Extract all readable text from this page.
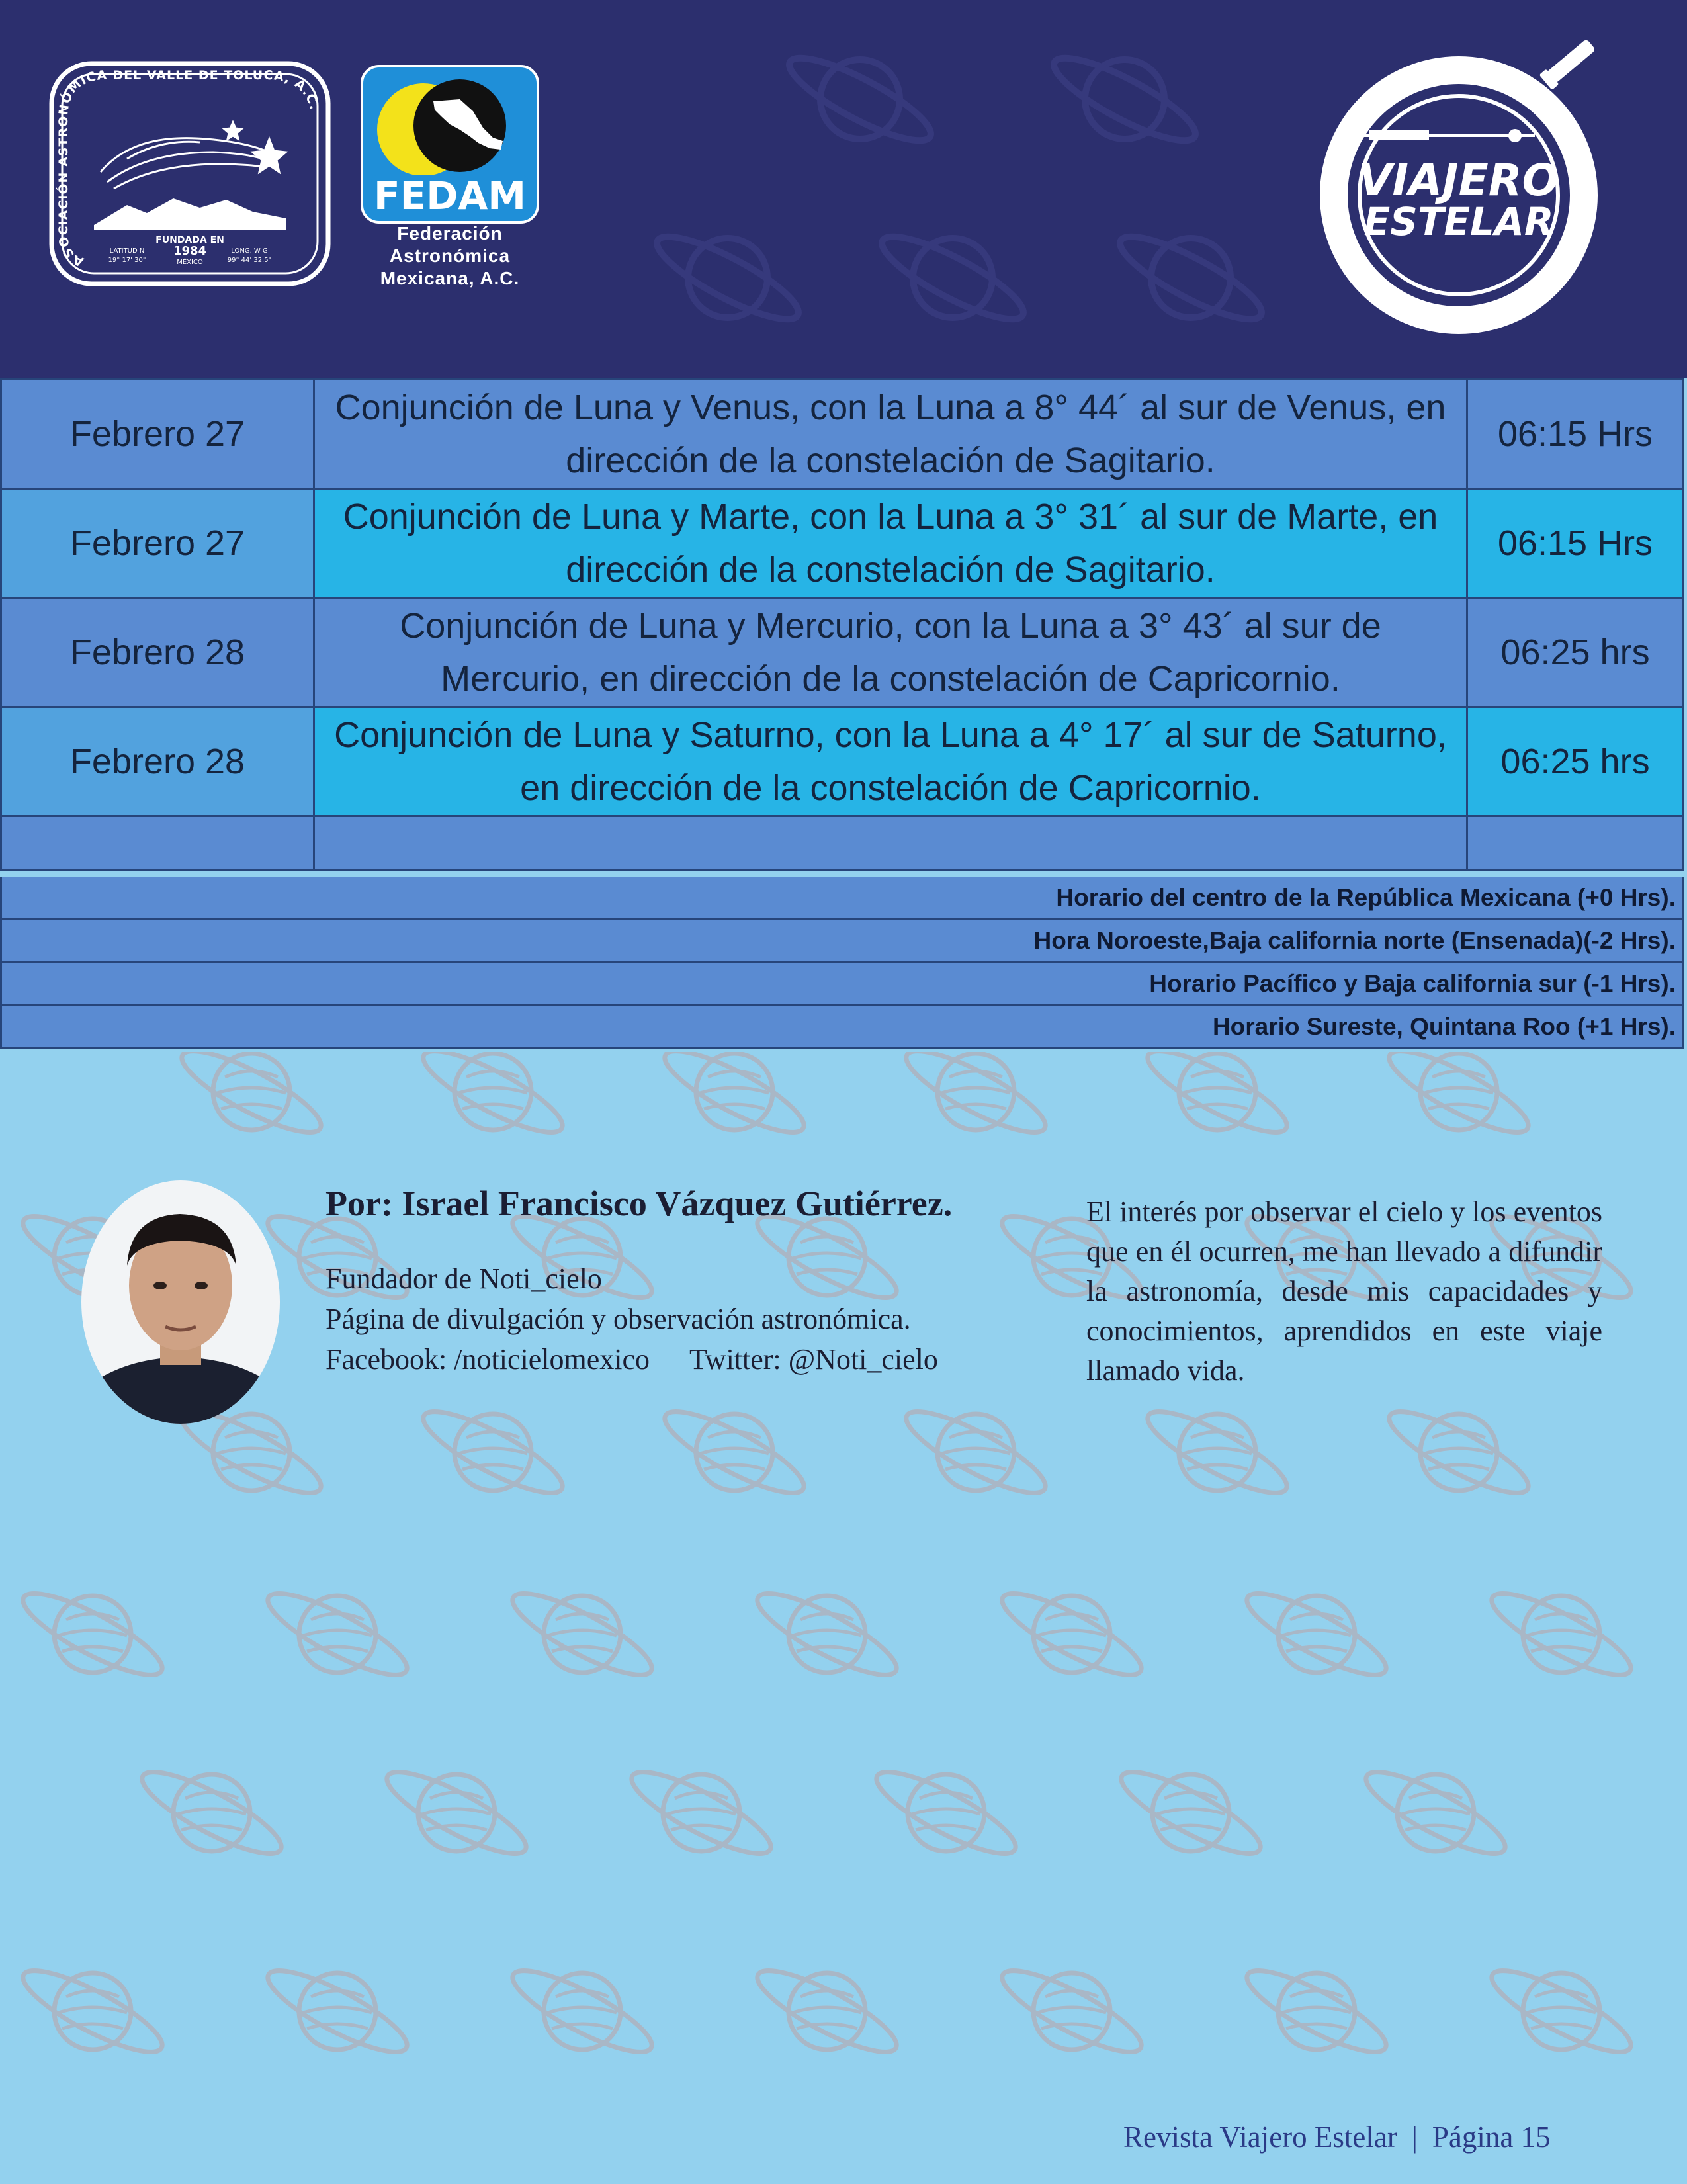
ASOCIACIÓN ASTRONÓMICA DEL VALLE DE TOLUCA, A.C.
FUNDADA EN
1984
MÉXICO
LATITUD N
19° 17' 30"
LONG. W G
99° 44' 32.5"
FEDAM
Federación
Astronómica
Mexicana, A.C.
VIAJERO
ESTELAR
Febrero 27	Conjunción de Luna y Venus, con la Luna a 8° 44´ al sur de Venus, en dirección de la constelación de Sagitario.	06:15 Hrs
Febrero 27	Conjunción de Luna y Marte, con la Luna a 3° 31´ al sur de Marte, en dirección de la constelación de Sagitario.	06:15 Hrs
Febrero 28	Conjunción de Luna y Mercurio, con la Luna a 3° 43´ al sur de Mercurio, en dirección de la constelación de Capricornio.	06:25 hrs
Febrero 28	Conjunción de Luna y Saturno, con la Luna a 4° 17´ al sur de Saturno, en dirección de la constelación de Capricornio.	06:25 hrs

Horario del centro de la República Mexicana (+0 Hrs).
Hora Noroeste,Baja california norte (Ensenada)(-2 Hrs).
Horario Pacífico y Baja california sur (-1 Hrs).
Horario Sureste, Quintana Roo (+1 Hrs).
Por: Israel Francisco Vázquez Gutiérrez.
Fundador de Noti_cielo
Página de divulgación y observación astronómica.
Facebook: /noticielomexico Twitter: @Noti_cielo
El interés por observar el cielo y los eventos que en él ocurren, me han llevado a difundir la astronomía, desde mis capacidades y conocimientos, aprendidos en este viaje llamado vida.
Revista Viajero Estelar | Página 15
